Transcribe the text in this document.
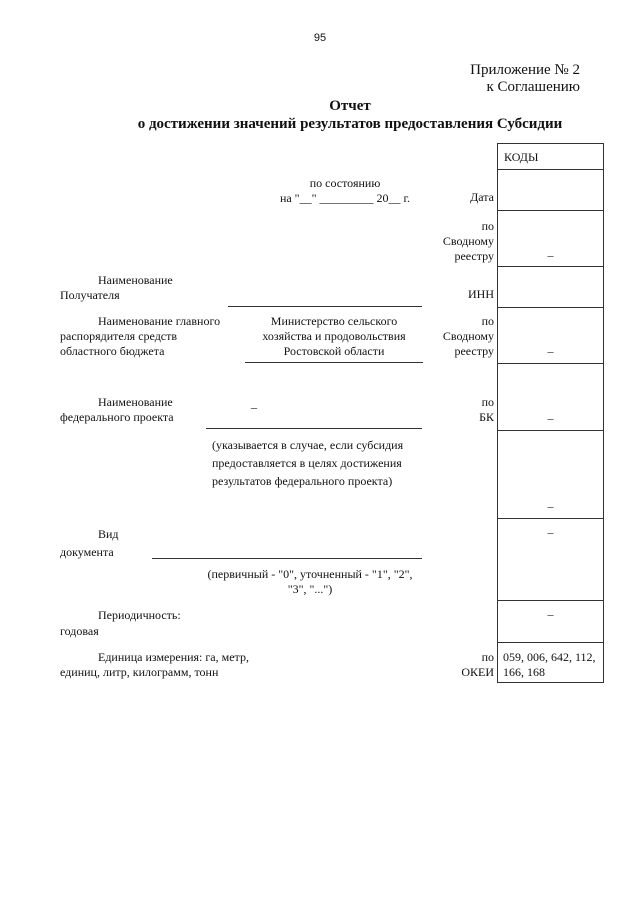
95
Приложение № 2
к Соглашению
Отчет
о достижении значений результатов предоставления Субсидии
по состоянию
на "__" _________ 20__ г.	Дата
по
Сводному
реестру
ИНН
по
Сводному
реестру
по
БК
по
ОКЕИ
Наименование
Получателя
Наименование главного
распорядителя средств
областного бюджета
Министерство сельского
хозяйства и продовольствия
Ростовской области
Наименование
федерального проекта
_
(указывается в случае, если субсидия
предоставляется в целях достижения
результатов федерального проекта)
Вид
документа
(первичный - "0", уточненный - "1", "2",
"3", "...")
Периодичность:
годовая
Единица измерения: га, метр,
единиц, литр, килограмм, тонн
КОДЫ
–
–
–
–
–
–
059, 006, 642, 112,
166, 168
